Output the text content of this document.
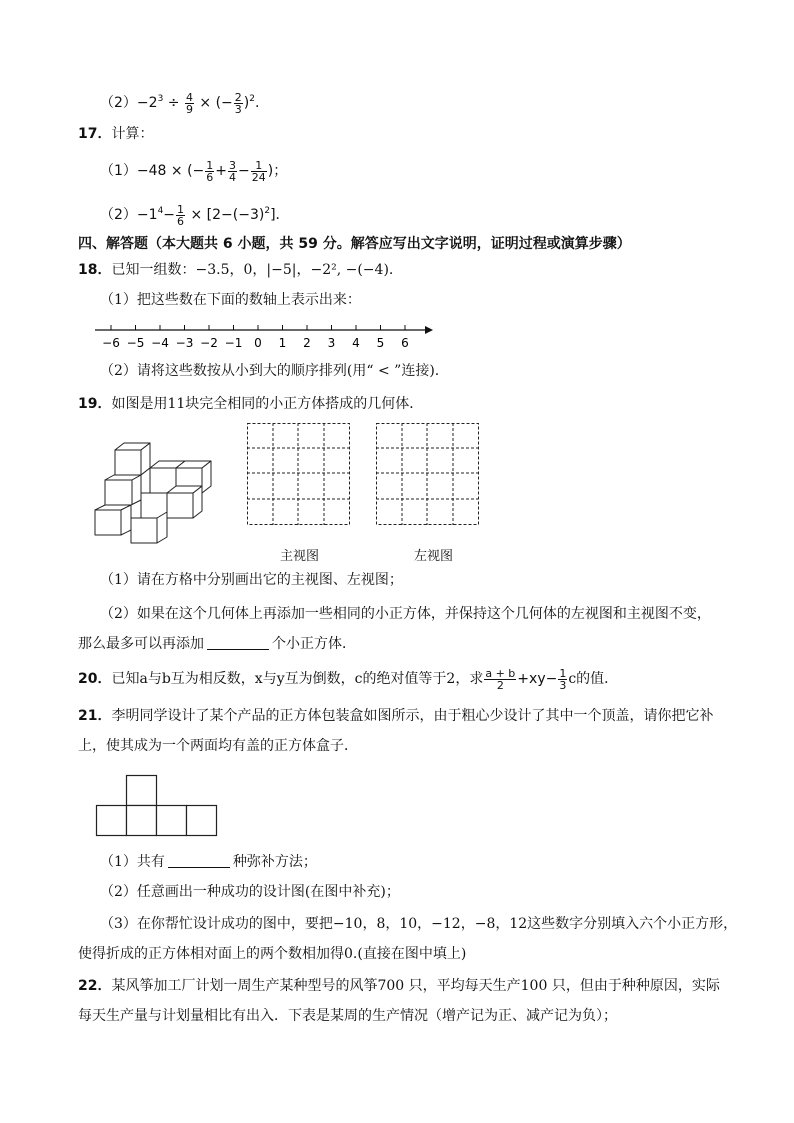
$(2)-2^3 \div \frac{4}{9}$ × (− $\frac{2}{3} )^2$.
17．计算：
（1）−48 × (− $\frac{1}{6} + \frac{3}{4} - \frac{1}{24}$ )；
$(2)-1^4- \frac{1}{6} \times [2-(-3)^2]$．
四、解答题（本大题共 6 小题，共 59 分。解答应写出文字说明，证明过程或演算步骤）
18．已知一组数：−3.5，0，|−5|，−2², −(−4).
（1）把这些数在下面的数轴上表示出来：
−6 −5 −4 −3 −2 −1 0 1 2 3 4 5 6
（2）请将这些数按从小到大的顺序排列(用“ < ”连接).
19．如图是用11块完全相同的小正方体搭成的几何体．
主视图	左视图
（1）请在方格中分别画出它的主视图、左视图；
（2）如果在这个几何体上再添加一些相同的小正方体，并保持这个几何体的左视图和主视图不变，
那么最多可以再添加	个小正方体．
20．已知a与b互为相反数，x与y互为倒数，c的绝对值等于2，求 $\frac{a + b}{2} +xy- \frac{1}{3}$ c的值．
21．李明同学设计了某个产品的正方体包装盒如图所示，由于粗心少设计了其中一个顶盖，请你把它补
上，使其成为一个两面均有盖的正方体盒子．
（1）共有	种弥补方法；
（2）任意画出一种成功的设计图(在图中补充)；
（3）在你帮忙设计成功的图中，要把−10，8，10，−12，−8，12这些数字分别填入六个小正方形，
使得折成的正方体相对面上的两个数相加得0.(直接在图中填上)
22．某风筝加工厂计划一周生产某种型号的风筝700 只，平均每天生产100 只，但由于种种原因，实际
每天生产量与计划量相比有出入．下表是某周的生产情况（增产记为正、减产记为负）；
